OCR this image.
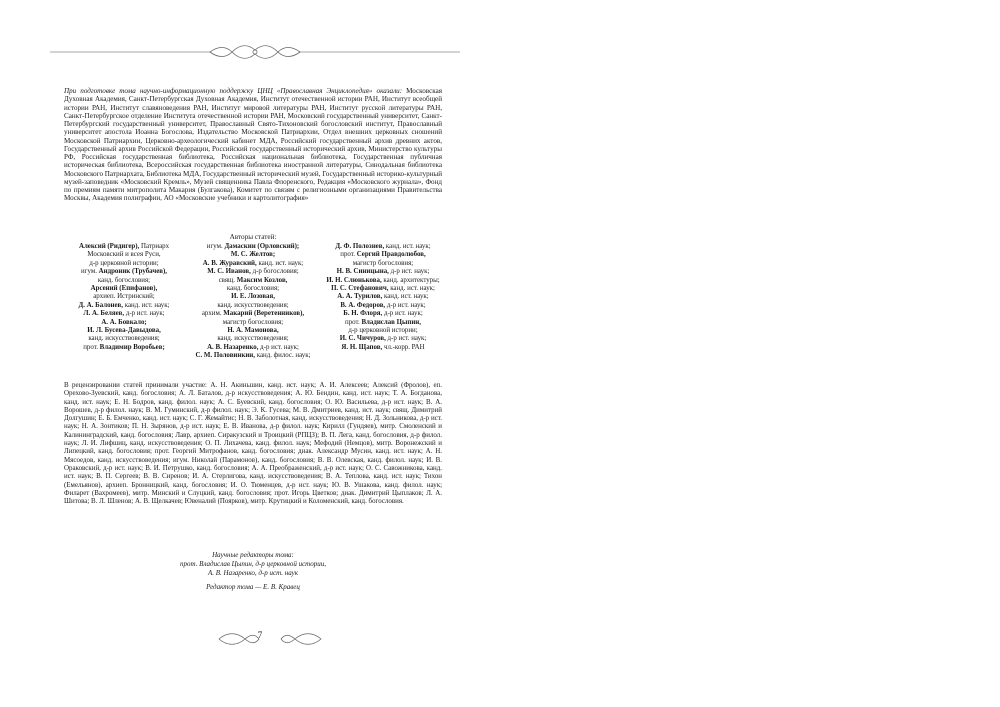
При подготовке тома научно-информационную поддержку ЦНЦ «Православная Энциклопедия» оказали: Московская Духовная Академия, Санкт-Петербургская Духовная Академия, Институт отечественной истории РАН, Институт всеобщей истории РАН, Институт славяноведения РАН, Институт мировой литературы РАН, Институт русской литературы РАН, Санкт-Петербургское отделение Института отечественной истории РАН, Московский государственный университет, Санкт-Петербургский государственный университет, Православный Свято-Тихоновский богословский институт, Православный университет апостола Иоанна Богослова, Издательство Московской Патриархии, Отдел внешних церковных сношений Московской Патриархии, Церковно-археологический кабинет МДА, Российский государственный архив древних актов, Государственный архив Российской Федерации, Российский государственный исторический архив, Министерство культуры РФ, Российская государственная библиотека, Российская национальная библиотека, Государственная публичная историческая библиотека, Всероссийская государственная библиотека иностранной литературы, Синодальная библиотека Московского Патриархата, Библиотека МДА, Государственный исторический музей, Государственный историко-культурный музей-заповедник «Московский Кремль», Музей священника Павла Флоренского, Редакция «Московского журнала», Фонд по премиям памяти митрополита Макария (Булгакова), Комитет по связям с религиозными организациями Правительства Москвы, Академия полиграфии, АО «Московские учебники и картолитография»
Авторы статей:
Алексий (Ридигер), Патриарх
Московский и всея Руси,
д-р церковной истории;
игум. Андроник (Трубачев),
канд. богословия;
Арсений (Епифанов),
архиеп. Истринский;
Д. А. Балонев, канд. ист. наук;
Л. А. Беляев, д-р ист. наук;
А. А. Бовкало;
И. Л. Бусева-Давыдова,
канд. искусствоведения;
прот. Владимир Воробьев;
игум. Дамаскин (Орловский);
М. С. Желтов;
А. В. Журавский, канд. ист. наук;
М. С. Иванов, д-р богословия;
свящ. Максим Козлов,
канд. богословия;
И. Е. Лозовая,
канд. искусствоведения;
архим. Макарий (Веретенников),
магистр богословия;
Н. А. Мамонова,
канд. искусствоведения;
А. В. Назаренко, д-р ист. наук;
С. М. Половинкин, канд. филос. наук;
Д. Ф. Полознев, канд. ист. наук;
прот. Сергий Правдолюбов,
магистр богословия;
Н. В. Синицына, д-р ист. наук;
И. Н. Слюнькова, канд. архитектуры;
П. С. Стефанович, канд. ист. наук;
А. А. Турилов, канд. ист. наук;
В. А. Федоров, д-р ист. наук;
Б. Н. Флоря, д-р ист. наук;
прот. Владислав Цыпин,
д-р церковной истории;
И. С. Чичуров, д-р ист. наук;
Я. Н. Щапов, чл.-корр. РАН
В рецензировании статей принимали участие: А. Н. Акиньшин, канд. ист. наук; А. И. Алексеев; Алексий (Фролов), еп. Орехово-Зуевский, канд. богословия; А. Л. Баталов, д-р искусствоведения; А. Ю. Бендин, канд. ист. наук; Т. А. Богданова, канд. ист. наук; Е. Н. Бодров, канд. филол. наук; А. С. Буевский, канд. богословия; О. Ю. Васильева, д-р ист. наук; В. А. Ворошев, д-р филол. наук; В. М. Гуминский, д-р филол. наук; Э. К. Гусева; М. В. Дмитриев, канд. ист. наук; свящ. Димитрий Долгушин; Е. Б. Емченко, канд. ист. наук; С. Г. Жемайтис; Н. В. Заболотная, канд. искусствоведения; Н. Д. Зольникова, д-р ист. наук; Н. А. Зонтиков; П. Н. Зырянов, д-р ист. наук; Е. В. Иванова, д-р филол. наук; Кирилл (Гундяев), митр. Смоленский и Калининградский, канд. богословия; Лавр, архиеп. Сиракузский и Троицкий (РПЦЗ); В. П. Лега, канд. богословия, д-р филол. наук; Л. И. Лифшиц, канд. искусствоведения; О. П. Лихачева, канд. филол. наук; Мефодий (Немцов), митр. Воронежский и Липецкий, канд. богословия; прот. Георгий Митрофанов, канд. богословия; диак. Александр Мусин, канд. ист. наук; А. Н. Мясоедов, канд. искусствоведения; игум. Николай (Парамонов), канд. богословия; В. В. Олевская, канд. филол. наук; И. В. Ораковский, д-р ист. наук; В. И. Петрушко, канд. богословия; А. А. Преображенский, д-р ист. наук; О. С. Савожникова, канд. ист. наук; В. П. Сергеев; В. В. Сиренов; И. А. Стерлигова, канд. искусствоведения; В. А. Теплова, канд. ист. наук; Тихон (Емельянов), архиеп. Бронницкий, канд. богословия; И. О. Тюменцев, д-р ист. наук; Ю. В. Ушакова, канд. филол. наук; Филарет (Вахромеев), митр. Минский и Слуцкий, канд. богословия; прот. Игорь Цветков; диак. Димитрий Цыплаков; Л. А. Шитова; В. Л. Шленов; А. В. Щелкачев; Ювеналий (Поярков), митр. Крутицкий и Коломенский, канд. богословия.
Научные редакторы тома:
прот. Владислав Цыпин, д-р церковной истории,
А. В. Назаренко, д-р ист. наук
Редактор тома — Е. В. Кравец
7
